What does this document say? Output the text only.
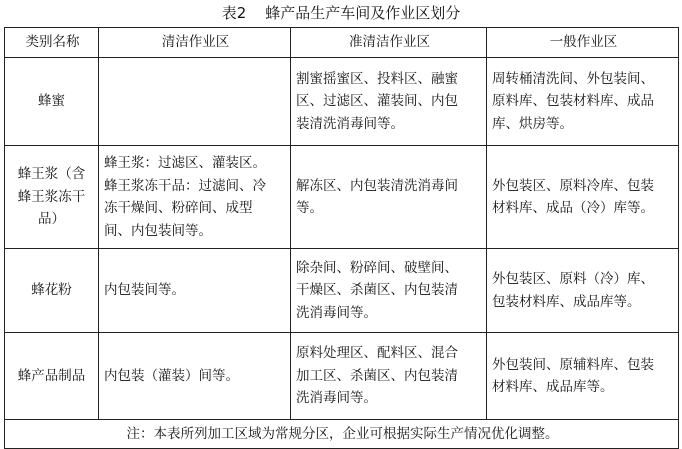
表2    蜂产品生产车间及作业区划分
类别名称	清洁作业区	准清洁作业区	一般作业区

蜂蜜		割蜜摇蜜区、投料区、融蜜
区、过滤区、灌装间、内包
装清洗消毒间等。	周转桶清洗间、外包装间、
原料库、包装材料库、成品
库、烘房等。

蜂王浆（含
蜂王浆冻干
品）	蜂王浆：过滤区、灌装区。
蜂王浆冻干品：过滤间、冷
冻干燥间、粉碎间、成型
间、内包装间等。	解冻区、内包装清洗消毒间
等。	外包装区、原料冷库、包装
材料库、成品（冷）库等。

蜂花粉	内包装间等。	除杂间、粉碎间、破壁间、
干燥区、杀菌区、内包装清
洗消毒间等。	外包装区、原料（冷）库、
包装材料库、成品库等。

蜂产品制品	内包装（灌装）间等。	原料处理区、配料区、混合
加工区、杀菌区、内包装清
洗消毒间等。	外包装间、原辅料库、包装
材料库、成品库等。

注：本表所列加工区域为常规分区，企业可根据实际生产情况优化调整。			
